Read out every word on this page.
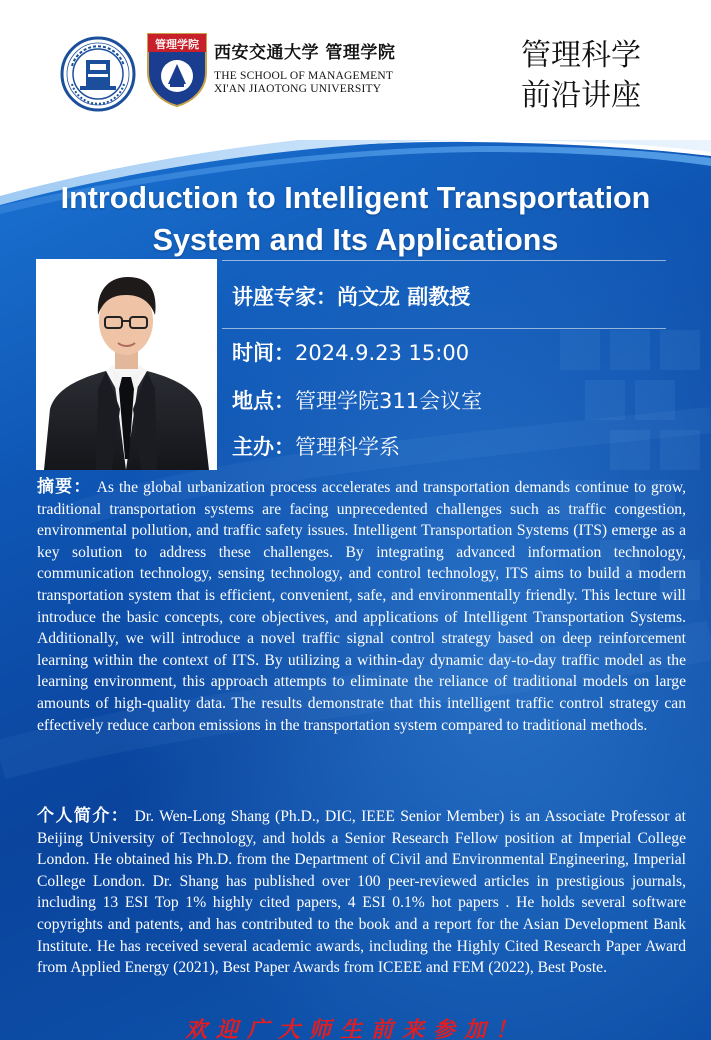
管理学院 西安交通大学 管理学院
THE SCHOOL OF MANAGEMENT
XI'AN JIAOTONG UNIVERSITY
管理科学
前沿讲座
Introduction to Intelligent Transportation
System and Its Applications
讲座专家：尚文龙 副教授
时间：2024.9.23 15:00
地点：管理学院311会议室
主办：管理科学系
摘要： As the global urbanization process accelerates and transportation demands continue to grow, traditional transportation systems are facing unprecedented challenges such as traffic congestion, environmental pollution, and traffic safety issues. Intelligent Transportation Systems (ITS) emerge as a key solution to address these challenges. By integrating advanced information technology, communication technology, sensing technology, and control technology, ITS aims to build a modern transportation system that is efficient, convenient, safe, and environmentally friendly. This lecture will introduce the basic concepts, core objectives, and applications of Intelligent Transportation Systems. Additionally, we will introduce a novel traffic signal control strategy based on deep reinforcement learning within the context of ITS. By utilizing a within-day dynamic day-to-day traffic model as the learning environment, this approach attempts to eliminate the reliance of traditional models on large amounts of high-quality data. The results demonstrate that this intelligent traffic control strategy can effectively reduce carbon emissions in the transportation system compared to traditional methods.
个人简介： Dr. Wen-Long Shang (Ph.D., DIC, IEEE Senior Member) is an Associate Professor at Beijing University of Technology, and holds a Senior Research Fellow position at Imperial College London. He obtained his Ph.D. from the Department of Civil and Environmental Engineering, Imperial College London. Dr. Shang has published over 100 peer-reviewed articles in prestigious journals, including 13 ESI Top 1% highly cited papers, 4 ESI 0.1% hot papers . He holds several software copyrights and patents, and has contributed to the book and a report for the Asian Development Bank Institute. He has received several academic awards, including the Highly Cited Research Paper Award from Applied Energy (2021), Best Paper Awards from ICEEE and FEM (2022), Best Poste.
欢迎广大师生前来参加！
